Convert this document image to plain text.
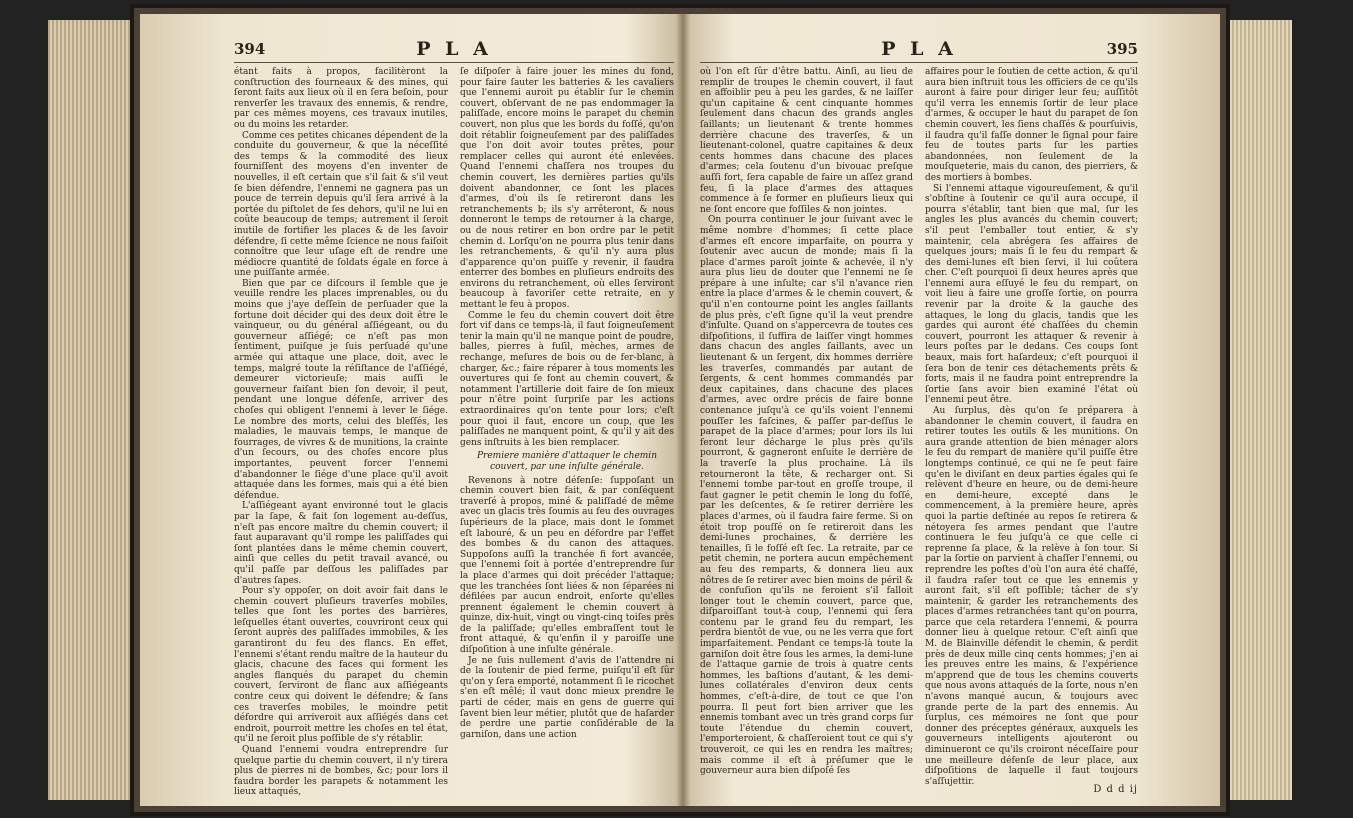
394	P L A

étant faits à propos, facilitèront la conſtruction des fourneaux & des mines, qui ſeront faits aux lieux où il en ſera beſoin, pour renverſer les travaux des ennemis, & rendre, par ces mêmes moyens, ces travaux inutiles, ou du moins les retarder.

Comme ces petites chicanes dépendent de la conduite du gouverneur, & que la néceſſité des temps & la commodité des lieux fourniſſent des moyens d'en inventer de nouvelles, il eſt certain que s'il ſait & s'il veut ſe bien défendre, l'ennemi ne gagnera pas un pouce de terrein depuis qu'il ſera arrivé à la portée du piſtolet de ſes dehors, qu'il ne lui en coûte beaucoup de temps; autrement il ſeroit inutile de fortifier les places & de les ſavoir défendre, ſi cette même ſcience ne nous faiſoit connoître que leur uſage eſt de rendre une médiocre quantité de ſoldats égale en force à une puiſſante armée.

Bien que par ce diſcours il ſemble que je veuille rendre les places imprenables, ou du moins que j'aye deſſein de perſuader que la fortune doit décider qui des deux doit être le vainqueur, ou du général aſſiégeant, ou du gouverneur aſſiégé; ce n'eſt pas mon ſentiment, puiſque je ſuis perſuadé qu'une armée qui attaque une place, doit, avec le temps, malgré toute la réſiſtance de l'aſſiégé, demeurer victorieuſe; mais auſſi le gouverneur faiſant bien ſon devoir, il peut, pendant une longue défenſe, arriver des choſes qui obligent l'ennemi à lever le ſiége. Le nombre des morts, celui des bleſſés, les maladies, le mauvais temps, le manque de fourrages, de vivres & de munitions, la crainte d'un ſecours, ou des choſes encore plus importantes, peuvent forcer l'ennemi d'abandonner le ſiége d'une place qu'il avoit attaquée dans les formes, mais qui a été bien défendue.

L'aſſiégeant ayant environné tout le glacis par la ſape, & fait ſon logement au-deſſus, n'eſt pas encore maître du chemin couvert; il faut auparavant qu'il rompe les paliſſades qui ſont plantées dans le même chemin couvert, ainſi que celles du petit travail avancé, ou qu'il paſſe par deſſous les paliſſades par d'autres ſapes.

Pour s'y oppoſer, on doit avoir fait dans le chemin couvert pluſieurs traverſes mobiles, telles que ſont les portes des barrières, leſquelles étant ouvertes, couvriront ceux qui ſeront auprès des paliſſades immobiles, & les garantiront du feu des flancs. En effet, l'ennemi s'étant rendu maître de la hauteur du glacis, chacune des faces qui forment les angles flanqués du parapet du chemin couvert, ſerviront de flanc aux aſſiégeants contre ceux qui doivent le défendre; & ſans ces traverſes mobiles, le moindre petit défordre qui arriveroit aux aſſiégés dans cet endroit, pourroit mettre les choſes en tel état, qu'il ne ſeroit plus poſſible de s'y rétablir.

Quand l'ennemi voudra entreprendre ſur quelque partie du chemin couvert, il n'y tirera plus de pierres ni de bombes, &c; pour lors il faudra border les parapets & notamment les lieux attaqués,

ſe diſpoſer à faire jouer les mines du fond, pour faire ſauter les batteries & les cavaliers que l'ennemi auroit pu établir ſur le chemin couvert, obſervant de ne pas endommager la paliſſade, encore moins le parapet du chemin couvert, non plus que les bords du foſſé, qu'on doit rétablir ſoigneuſement par des paliſſades que l'on doit avoir toutes prêtes, pour remplacer celles qui auront été enlevées. Quand l'ennemi chaſſera nos troupes du chemin couvert, les dernières parties qu'ils doivent abandonner, ce ſont les places d'armes, d'où ils ſe retireront dans les retranchements b; ils s'y arrêteront, & nous donneront le temps de retourner à la charge, ou de nous retirer en bon ordre par le petit chemin d. Lorſqu'on ne pourra plus tenir dans les retranchements, & qu'il n'y aura plus d'apparence qu'on puiſſe y revenir, il faudra enterrer des bombes en pluſieurs endroits des environs du retranchement, où elles ſerviront beaucoup à favoriſer cette retraite, en y mettant le feu à propos.

Comme le feu du chemin couvert doit être fort vif dans ce temps-là, il faut ſoigneuſement tenir la main qu'il ne manque point de poudre, balles, pierres à fuſil, mèches, armes de rechange, meſures de bois ou de fer-blanc, à charger, &c.; faire réparer à tous moments les ouvertures qui ſe font au chemin couvert, & notamment l'artillerie doit faire de ſon mieux pour n'être point ſurpriſe par les actions extraordinaires qu'on tente pour lors; c'eſt pour quoi il faut, encore un coup, que les paliſſades ne manquent point, & qu'il y ait des gens inſtruits à les bien remplacer.

Premiere manière d'attaquer le chemin couvert, par une inſulte générale.

Revenons à notre défenſe: ſuppoſant un chemin couvert bien fait, & par conſéquent traverſé à propos, miné & paliſſadé de même avec un glacis très ſoumis au feu des ouvrages ſupérieurs de la place, mais dont le ſommet eſt labouré, & un peu en défordre par l'effet des bombes & du canon des attaques. Suppoſons auſſi la tranchée fi fort avancée, que l'ennemi ſoit à portée d'entreprendre ſur la place d'armes qui doit précéder l'attaque; que les tranchées ſont liées & non ſéparées ni défilées par aucun endroit, enſorte qu'elles prennent également le chemin couvert à quinze, dix-huit, vingt ou vingt-cinq toiſes près de la paliſſade; qu'elles embraſſent tout le front attaqué, & qu'enfin il y paroiſſe une diſpoſition à une inſulte générale.

Je ne ſuis nullement d'avis de l'attendre ni de la ſoutenir de pied ferme, puiſqu'il eſt ſûr qu'on y ſera emporté, notamment ſi le ricochet s'en eſt mêlé; il vaut donc mieux prendre le parti de céder, mais en gens de guerre qui ſavent bien leur métier, plutôt que de haſarder de perdre une partie conſidérable de la garniſon, dans une action

P L A	395

où l'on eſt ſûr d'être battu. Ainſi, au lieu de remplir de troupes le chemin couvert, il faut en affoiblir peu à peu les gardes, & ne laiſſer qu'un capitaine & cent cinquante hommes ſeulement dans chacun des grands angles ſaillants; un lieutenant & trente hommes derrière chacune des traverſes, & un lieutenant-colonel, quatre capitaines & deux cents hommes dans chacune des places d'armes; cela ſoutenu d'un bivouac preſque auſſi fort, ſera capable de faire un aſſez grand feu, ſi la place d'armes des attaques commence à ſe former en pluſieurs lieux qui ne ſont encore que foſſiles & non jointes.

On pourra continuer le jour ſuivant avec le même nombre d'hommes; ſi cette place d'armes eſt encore imparfaite, on pourra y ſoutenir avec aucun de monde; mais ſi la place d'armes paroît jointe & achevée, il n'y aura plus lieu de douter que l'ennemi ne ſe prépare à une inſulte; car s'il n'avance rien entre la place d'armes & le chemin couvert, & qu'il n'en contourne point les angles ſaillants de plus près, c'eſt ſigne qu'il la veut prendre d'inſulte. Quand on s'appercevra de toutes ces diſpoſitions, il ſuffira de laiſſer vingt hommes dans chacun des angles ſaillants, avec un lieutenant & un ſergent, dix hommes derrière les traverſes, commandés par autant de ſergents, & cent hommes commandés par deux capitaines, dans chacune des places d'armes, avec ordre précis de faire bonne contenance juſqu'à ce qu'ils voient l'ennemi pouſſer les faſcines, & paſſer par-deſſus le parapet de la place d'armes; pour lors ils lui feront leur décharge le plus près qu'ils pourront, & gagneront enſuite le derrière de la traverſe la plus prochaine. Là ils retourneront la tête, & recharger ont. Si l'ennemi tombe par-tout en groſſe troupe, il faut gagner le petit chemin le long du foſſé, par les deſcentes, & ſe retirer derrière les places d'armes, où il faudra faire ferme. Si on étoit trop pouſſé on ſe retireroit dans les demi-lunes prochaines, & derrière les tenailles, ſi le foſſé eſt ſec. La retraite, par ce petit chemin, ne portera aucun empêchement au feu des remparts, & donnera lieu aux nôtres de ſe retirer avec bien moins de péril & de confuſion qu'ils ne feroient s'il falloit longer tout le chemin couvert, parce que, diſparoiſſant tout-à coup, l'ennemi qui ſera contenu par le grand feu du rempart, les perdra bientôt de vue, ou ne les verra que fort imparfaitement. Pendant ce temps-là toute la garniſon doit être ſous les armes, la demi-lune de l'attaque garnie de trois à quatre cents hommes, les baſtions d'autant, & les demi-lunes collatérales d'environ deux cents hommes, c'eſt-à-dire, de tout ce que l'on pourra. Il peut fort bien arriver que les ennemis tombant avec un très grand corps ſur toute l'étendue du chemin couvert, l'emporteroient, & chaſſeroient tout ce qui s'y trouveroit, ce qui les en rendra les maîtres; mais comme il eſt à préſumer que le gouverneur aura bien diſpoſé ſes

affaires pour le ſoutien de cette action, & qu'il aura bien inſtruit tous les officiers de ce qu'ils auront à faire pour diriger leur feu; auſſitôt qu'il verra les ennemis ſortir de leur place d'armes, & occuper le haut du parapet de ſon chemin couvert, les ſiens chaſſés & pourſuivis, il faudra qu'il faſſe donner le ſignal pour faire feu de toutes parts ſur les parties abandonnées, non ſeulement de la mouſqueterie, mais du canon, des pierriers, & des mortiers à bombes.

Si l'ennemi attaque vigoureuſement, & qu'il s'obſtine à ſoutenir ce qu'il aura occupé, il pourra s'établir, tant bien que mal, ſur les angles les plus avancés du chemin couvert; s'il peut l'emballer tout entier, & s'y maintenir, cela abrégera ſes affaires de quelques jours; mais ſi le feu du rempart & des demi-lunes eſt bien ſervi, il lui coûtera cher. C'eſt pourquoi ſi deux heures après que l'ennemi aura eſſuyé le feu du rempart, on voit lieu à faire une groſſe ſortie, on pourra revenir par la droite & la gauche des attaques, le long du glacis, tandis que les gardes qui auront été chaſſées du chemin couvert, pourront les attaquer & revenir à leurs poſtes par le dedans. Ces coups ſont beaux, mais fort haſardeux; c'eſt pourquoi il ſera bon de tenir ces détachements prêts & forts, mais il ne faudra point entreprendre la ſortie ſans avoir bien examiné l'état où l'ennemi peut être.

Au ſurplus, dès qu'on ſe préparera à abandonner le chemin couvert, il faudra en retirer toutes les outils & les munitions. On aura grande attention de bien ménager alors le feu du rempart de manière qu'il puiſſe être longtemps continué, ce qui ne ſe peut faire qu'en le diviſant en deux parties égales qui ſe relèvent d'heure en heure, ou de demi-heure en demi-heure, excepté dans le commencement, à la première heure, après quoi la partie deſtinée au repos ſe retirera & nétoyera ſes armes pendant que l'autre continuera le feu juſqu'à ce que celle ci reprenne ſa place, & la relève à ſon tour. Si par la ſortie on parvient à chaſſer l'ennemi, ou reprendre les poſtes d'où l'on aura été chaſſé, il faudra raſer tout ce que les ennemis y auront fait, s'il eſt poſſible; tâcher de s'y maintenir, & garder les retranchements des places d'armes retranchées tant qu'on pourra, parce que cela retardera l'ennemi, & pourra donner lieu à quelque retour. C'eſt ainſi que M. de Blainville défendit le chemin, & perdit près de deux mille cinq cents hommes; j'en ai les preuves entre les mains, & l'expérience m'apprend que de tous les chemins couverts que nous avons attaqués de la ſorte, nous n'en n'avons manqué aucun, & toujours avec grande perte de la part des ennemis. Au ſurplus, ces mémoires ne ſont que pour donner des préceptes généraux, auxquels les gouverneurs intelligents ajouteront ou diminueront ce qu'ils croiront néceſſaire pour une meilleure défenſe de leur place, aux diſpoſitions de laquelle il faut toujours s'aſſujettir.

D d d ij
